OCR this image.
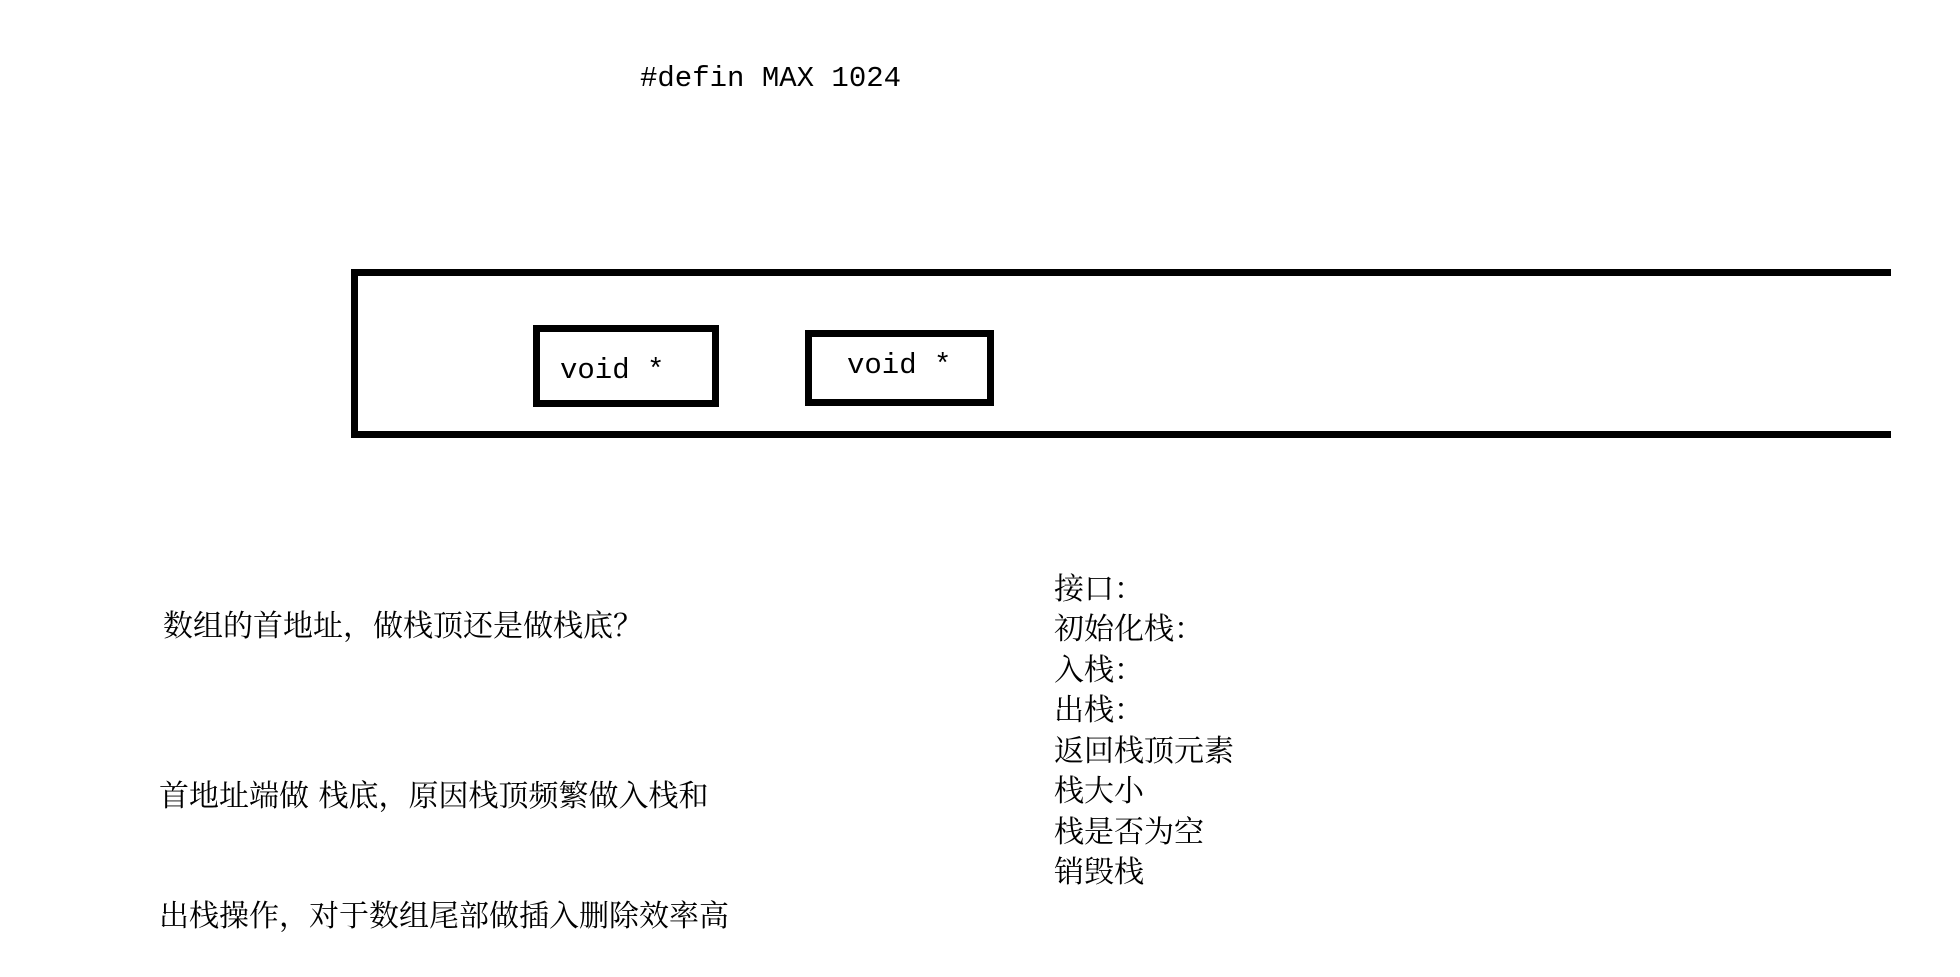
#defin MAX 1024
void *	void *
数组的首地址，做栈顶还是做栈底？

首地址端做 栈底，原因栈顶频繁做入栈和

出栈操作，对于数组尾部做插入删除效率高

接口：
初始化栈：
入栈：
出栈：
返回栈顶元素
栈大小
栈是否为空
销毁栈
